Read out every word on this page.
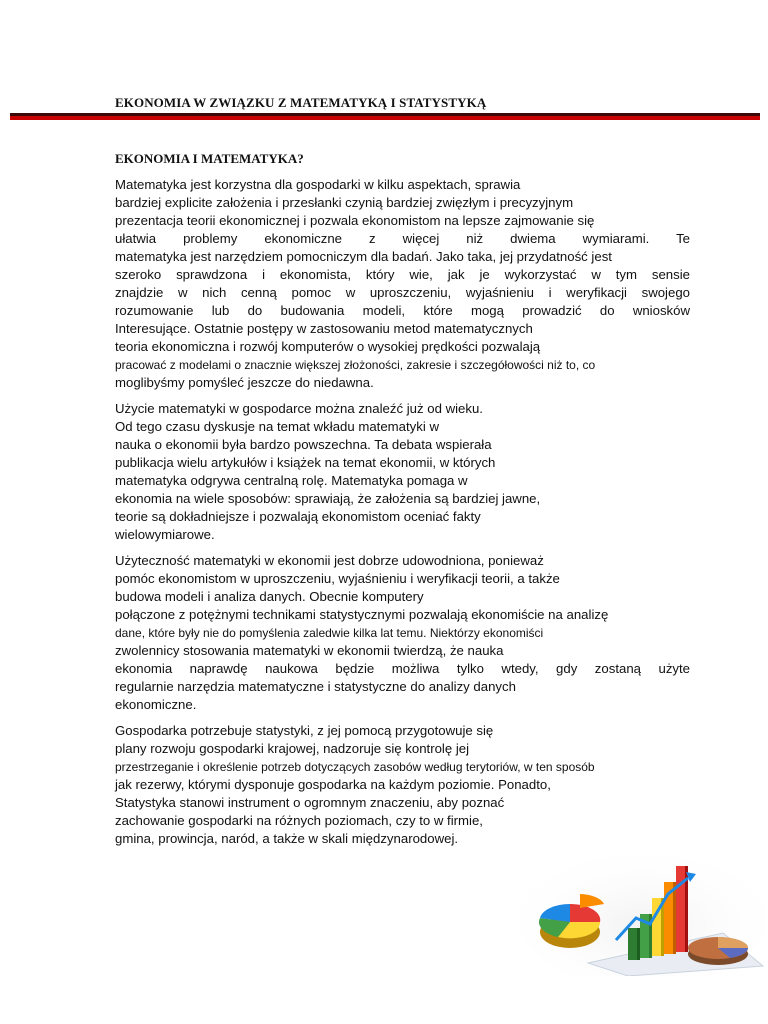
EKONOMIA W ZWIĄZKU Z MATEMATYKĄ I STATYSTYKĄ
EKONOMIA I MATEMATYKA?
Matematyka jest korzystna dla gospodarki w kilku aspektach, sprawia
bardziej explicite założenia i przesłanki czynią bardziej zwięzłym i precyzyjnym
prezentacja teorii ekonomicznej i pozwala ekonomistom na lepsze zajmowanie się
ułatwia problemy ekonomiczne z więcej niż dwiema wymiarami. Te
matematyka jest narzędziem pomocniczym dla badań. Jako taka, jej przydatność jest
szeroko sprawdzona i ekonomista, który wie, jak je wykorzystać w tym sensie
znajdzie w nich cenną pomoc w uproszczeniu, wyjaśnieniu i weryfikacji swojego
rozumowanie lub do budowania modeli, które mogą prowadzić do wniosków
Interesujące. Ostatnie postępy w zastosowaniu metod matematycznych
teoria ekonomiczna i rozwój komputerów o wysokiej prędkości pozwalają
pracować z modelami o znacznie większej złożoności, zakresie i szczegółowości niż to, co
moglibyśmy pomyśleć jeszcze do niedawna.
Użycie matematyki w gospodarce można znaleźć już od wieku.
Od tego czasu dyskusje na temat wkładu matematyki w
nauka o ekonomii była bardzo powszechna. Ta debata wspierała
publikacja wielu artykułów i książek na temat ekonomii, w których
matematyka odgrywa centralną rolę. Matematyka pomaga w
ekonomia na wiele sposobów: sprawiają, że założenia są bardziej jawne,
teorie są dokładniejsze i pozwalają ekonomistom oceniać fakty
wielowymiarowe.
Użyteczność matematyki w ekonomii jest dobrze udowodniona, ponieważ
pomóc ekonomistom w uproszczeniu, wyjaśnieniu i weryfikacji teorii, a także
budowa modeli i analiza danych. Obecnie komputery
połączone z potężnymi technikami statystycznymi pozwalają ekonomiście na analizę
dane, które były nie do pomyślenia zaledwie kilka lat temu. Niektórzy ekonomiści
zwolennicy stosowania matematyki w ekonomii twierdzą, że nauka
ekonomia naprawdę naukowa będzie możliwa tylko wtedy, gdy zostaną użyte
regularnie narzędzia matematyczne i statystyczne do analizy danych
ekonomiczne.
Gospodarka potrzebuje statystyki, z jej pomocą przygotowuje się
plany rozwoju gospodarki krajowej, nadzoruje się kontrolę jej
przestrzeganie i określenie potrzeb dotyczących zasobów według terytoriów, w ten sposób
jak rezerwy, którymi dysponuje gospodarka na każdym poziomie. Ponadto,
Statystyka stanowi instrument o ogromnym znaczeniu, aby poznać
zachowanie gospodarki na różnych poziomach, czy to w firmie,
gmina, prowincja, naród, a także w skali międzynarodowej.
